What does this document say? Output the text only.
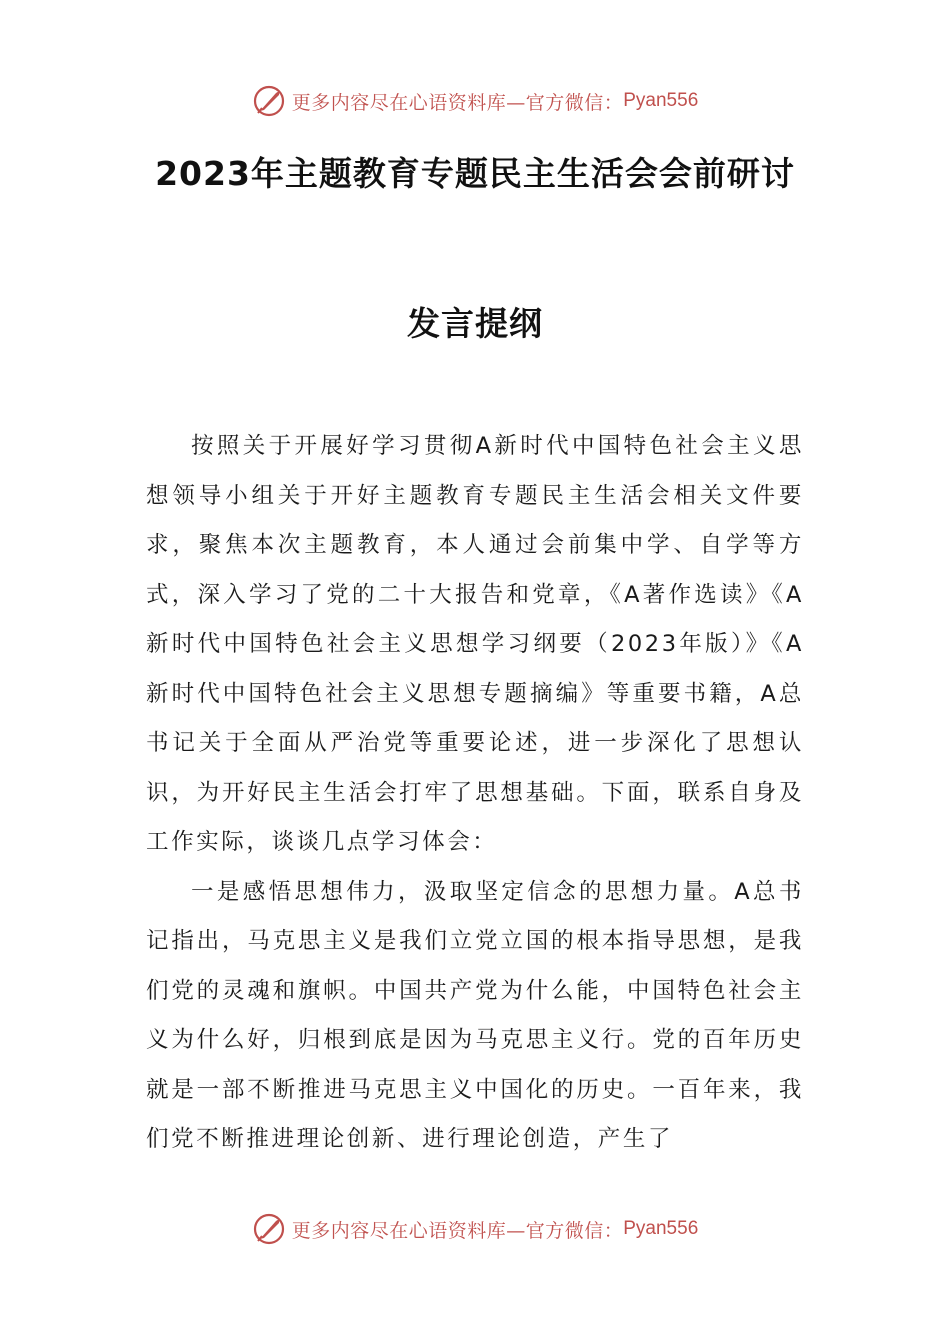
更多内容尽在心语资料库—官方微信： Pyan556
2023年主题教育专题民主生活会会前研讨
发言提纲

按照关于开展好学习贯彻A新时代中国特色社会主义思想领导小组关于开好主题教育专题民主生活会相关文件要求，聚焦本次主题教育，本人通过会前集中学、自学等方式，深入学习了党的二十大报告和党章，《A著作选读》《A新时代中国特色社会主义思想学习纲要（2023年版）》《A新时代中国特色社会主义思想专题摘编》等重要书籍，A总书记关于全面从严治党等重要论述，进一步深化了思想认识，为开好民主生活会打牢了思想基础。下面，联系自身及工作实际，谈谈几点学习体会：

一是感悟思想伟力，汲取坚定信念的思想力量。A总书记指出，马克思主义是我们立党立国的根本指导思想，是我们党的灵魂和旗帜。中国共产党为什么能，中国特色社会主义为什么好，归根到底是因为马克思主义行。党的百年历史就是一部不断推进马克思主义中国化的历史。一百年来，我们党不断推进理论创新、进行理论创造，产生了

更多内容尽在心语资料库—官方微信： Pyan556
